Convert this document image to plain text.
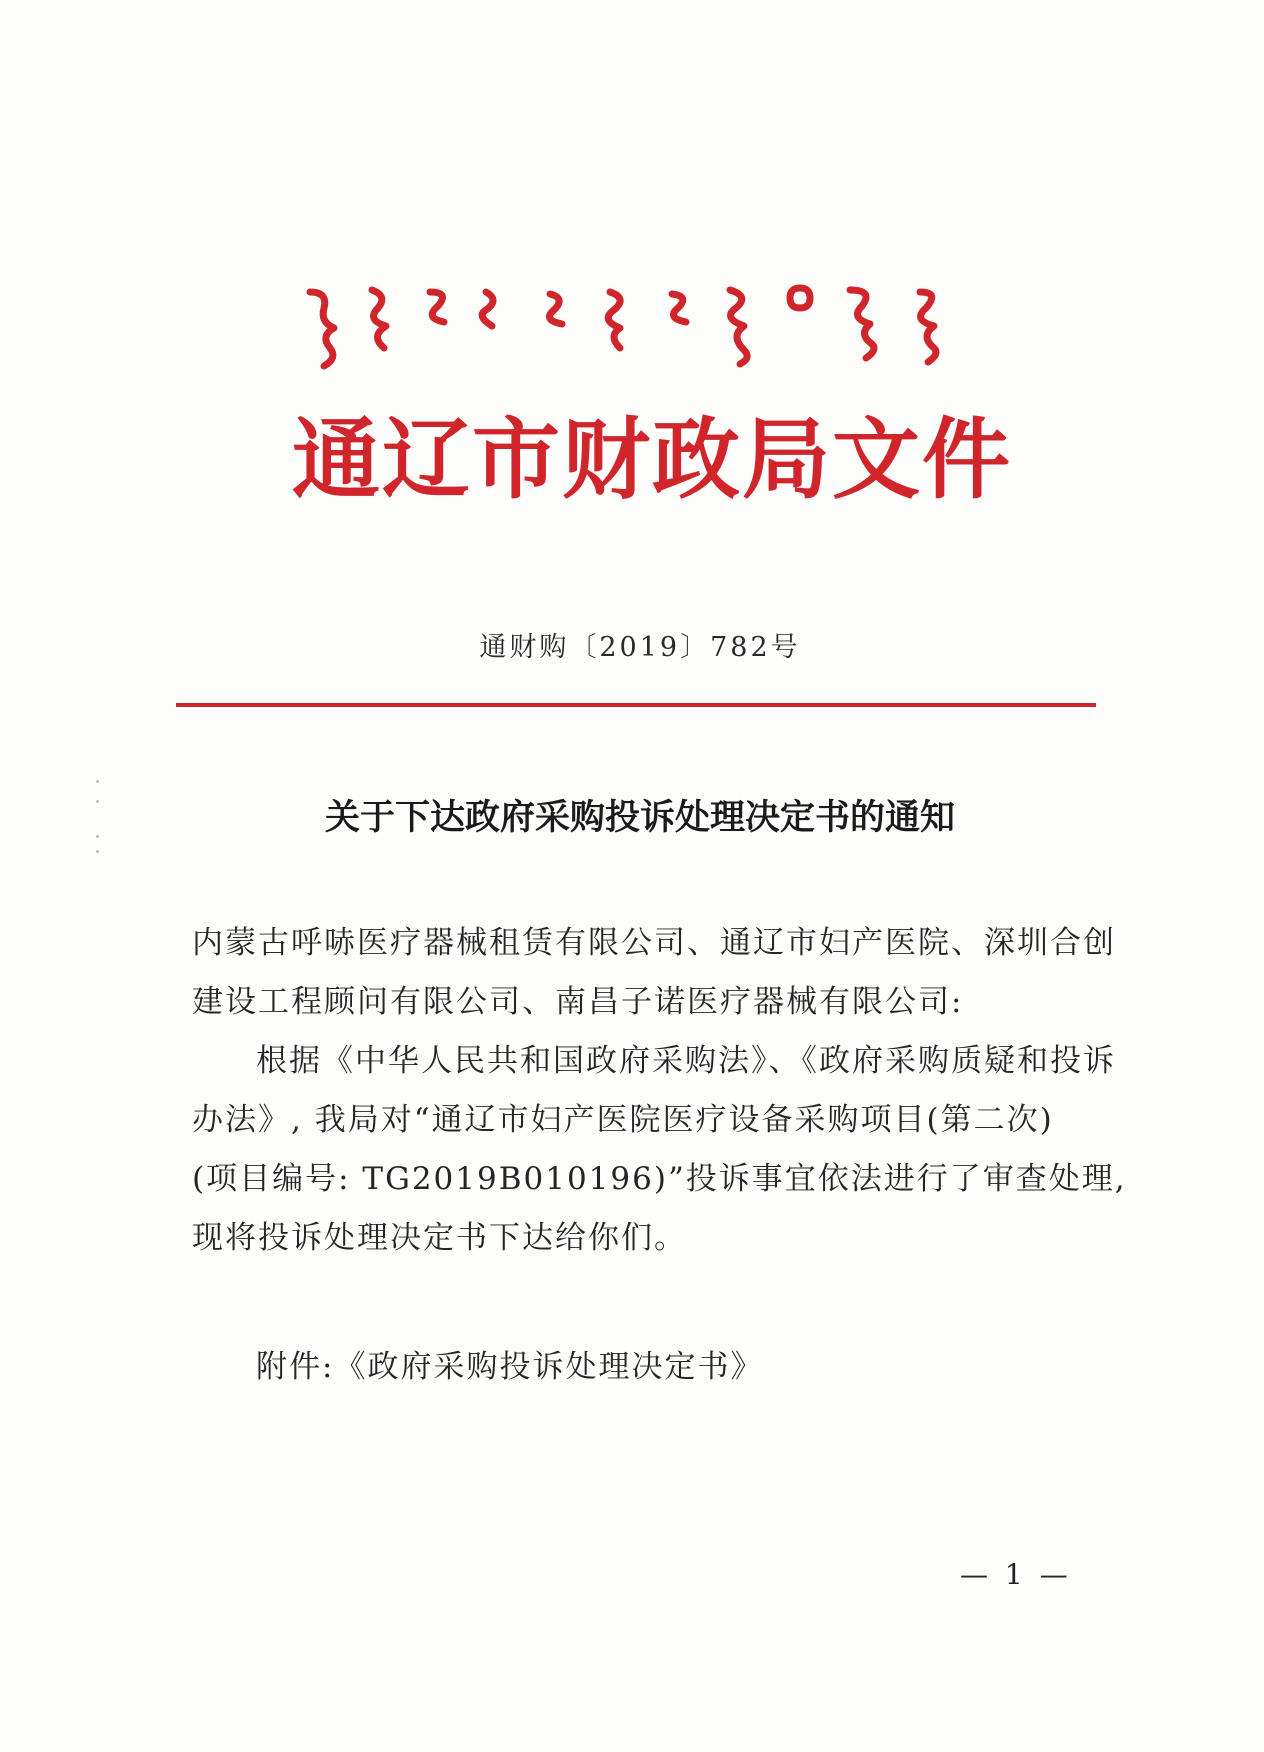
通辽市财政局文件
通财购〔2019〕782号
关于下达政府采购投诉处理决定书的通知
内蒙古呼哧医疗器械租赁有限公司、通辽市妇产医院、深圳合创
建设工程顾问有限公司、南昌子诺医疗器械有限公司:
根据《中华人民共和国政府采购法》、《政府采购质疑和投诉
办法》, 我局对“通辽市妇产医院医疗设备采购项目(第二次)
(项目编号: TG2019B010196)”投诉事宜依法进行了审查处理,
现将投诉处理决定书下达给你们。
附件:《政府采购投诉处理决定书》
— 1 —
